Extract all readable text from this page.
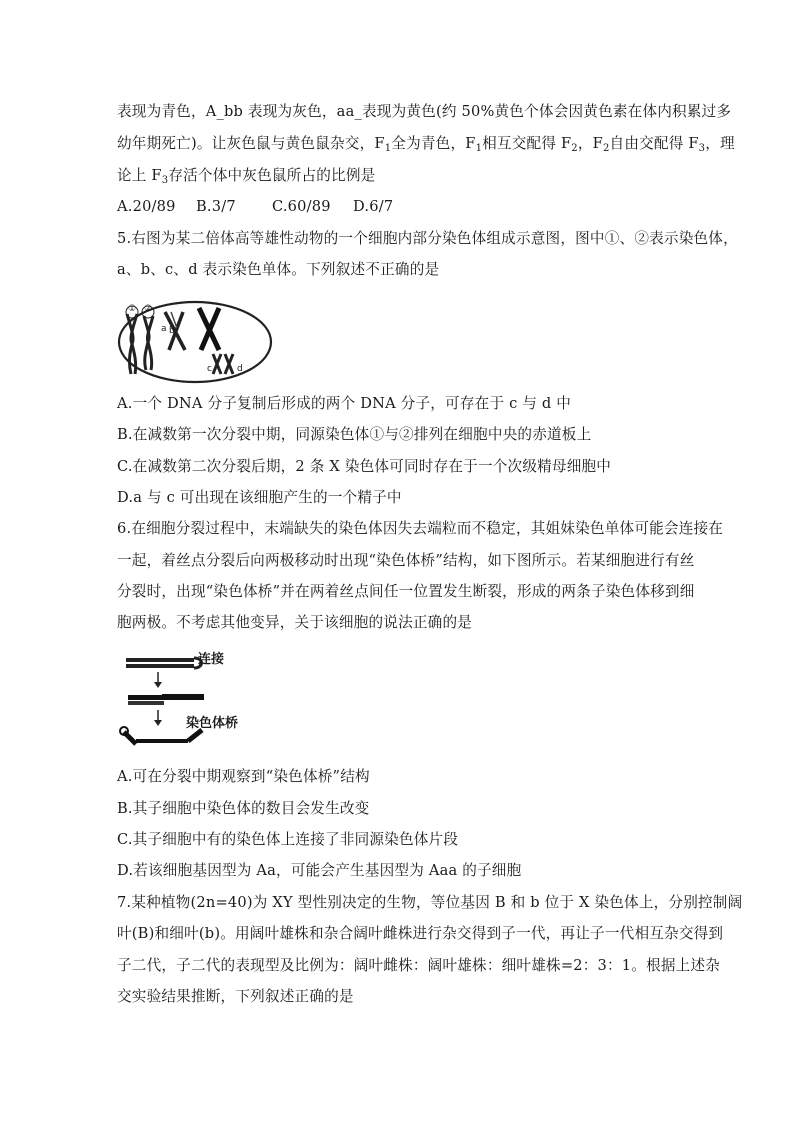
表现为青色，A_bb 表现为灰色，aa_表现为黄色(约 50%黄色个体会因黄色素在体内积累过多
幼年期死亡)。让灰色鼠与黄色鼠杂交，$F_1$全为青色，$F_1$相互交配得 $F_2$，$F_2$自由交配得 $F_3$，理
论上 $F_3$存活个体中灰色鼠所占的比例是
A.20/89 B.3/7 C.60/89 D.6/7
5.右图为某二倍体高等雄性动物的一个细胞内部分染色体组成示意图，图中①、②表示染色体，
a、b、c、d 表示染色单体。下列叙述不正确的是
① ②
a b
c	d
A.一个 DNA 分子复制后形成的两个 DNA 分子，可存在于 c 与 d 中
B.在减数第一次分裂中期，同源染色体①与②排列在细胞中央的赤道板上
C.在减数第二次分裂后期，2 条 X 染色体可同时存在于一个次级精母细胞中
D.a 与 c 可出现在该细胞产生的一个精子中
6.在细胞分裂过程中，末端缺失的染色体因失去端粒而不稳定，其姐妹染色单体可能会连接在
一起，着丝点分裂后向两极移动时出现“染色体桥”结构，如下图所示。若某细胞进行有丝
分裂时，出现“染色体桥”并在两着丝点间任一位置发生断裂，形成的两条子染色体移到细
胞两极。不考虑其他变异，关于该细胞的说法正确的是
连接
染色体桥
A.可在分裂中期观察到“染色体桥”结构
B.其子细胞中染色体的数目会发生改变
C.其子细胞中有的染色体上连接了非同源染色体片段
D.若该细胞基因型为 Aa，可能会产生基因型为 Aaa 的子细胞
7.某种植物(2n=40)为 XY 型性别决定的生物，等位基因 B 和 b 位于 X 染色体上，分别控制阔
叶(B)和细叶(b)。用阔叶雄株和杂合阔叶雌株进行杂交得到子一代，再让子一代相互杂交得到
子二代，子二代的表现型及比例为：阔叶雌株：阔叶雄株：细叶雄株=2：3：1。根据上述杂
交实验结果推断，下列叙述正确的是
